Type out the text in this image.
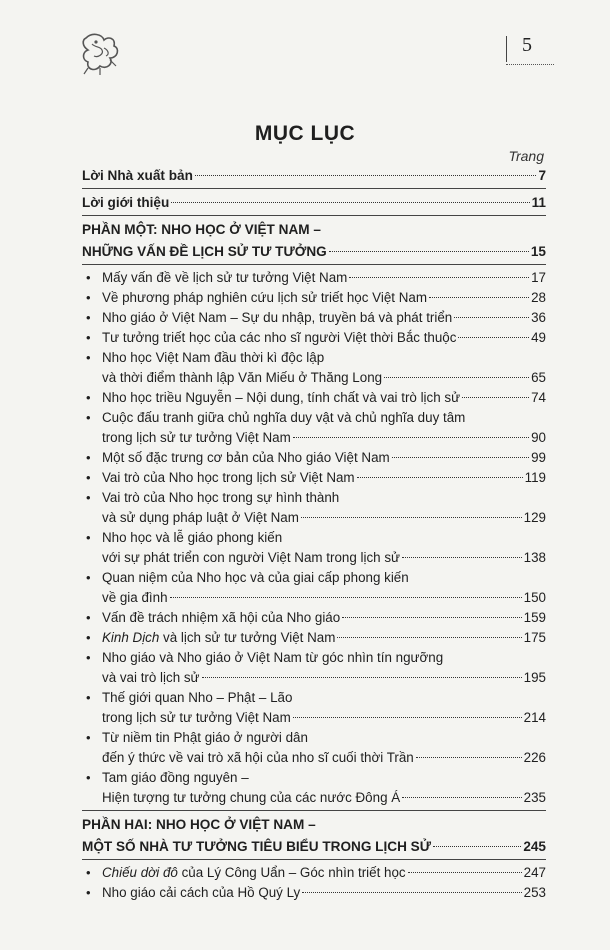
5
MỤC LỤC
Trang
Lời Nhà xuất bản	7
Lời giới thiệu	11
PHẦN MỘT: NHO HỌC Ở VIỆT NAM –
NHỮNG VẤN ĐỀ LỊCH SỬ TƯ TƯỞNG	15
• Mấy vấn đề về lịch sử tư tưởng Việt Nam	17
• Về phương pháp nghiên cứu lịch sử triết học Việt Nam	28
• Nho giáo ở Việt Nam – Sự du nhập, truyền bá và phát triển	36
• Tư tưởng triết học của các nho sĩ người Việt thời Bắc thuộc	49
• Nho học Việt Nam đầu thời kì độc lập
và thời điểm thành lập Văn Miếu ở Thăng Long	65
• Nho học triều Nguyễn – Nội dung, tính chất và vai trò lịch sử	74
• Cuộc đấu tranh giữa chủ nghĩa duy vật và chủ nghĩa duy tâm
trong lịch sử tư tưởng Việt Nam	90
• Một số đặc trưng cơ bản của Nho giáo Việt Nam	99
• Vai trò của Nho học trong lịch sử Việt Nam	119
• Vai trò của Nho học trong sự hình thành
và sử dụng pháp luật ở Việt Nam	129
• Nho học và lễ giáo phong kiến
với sự phát triển con người Việt Nam trong lịch sử	138
• Quan niệm của Nho học và của giai cấp phong kiến
về gia đình	150
• Vấn đề trách nhiệm xã hội của Nho giáo	159
• Kinh Dịch và lịch sử tư tưởng Việt Nam	175
• Nho giáo và Nho giáo ở Việt Nam từ góc nhìn tín ngưỡng
và vai trò lịch sử	195
• Thế giới quan Nho – Phật – Lão
trong lịch sử tư tưởng Việt Nam	214
• Từ niềm tin Phật giáo ở người dân
đến ý thức về vai trò xã hội của nho sĩ cuối thời Trần	226
• Tam giáo đồng nguyên –
Hiện tượng tư tưởng chung của các nước Đông Á	235
PHẦN HAI: NHO HỌC Ở VIỆT NAM –
MỘT SỐ NHÀ TƯ TƯỞNG TIÊU BIỂU TRONG LỊCH SỬ	245
• Chiếu dời đô của Lý Công Uẩn – Góc nhìn triết học	247
• Nho giáo cải cách của Hồ Quý Ly	253
